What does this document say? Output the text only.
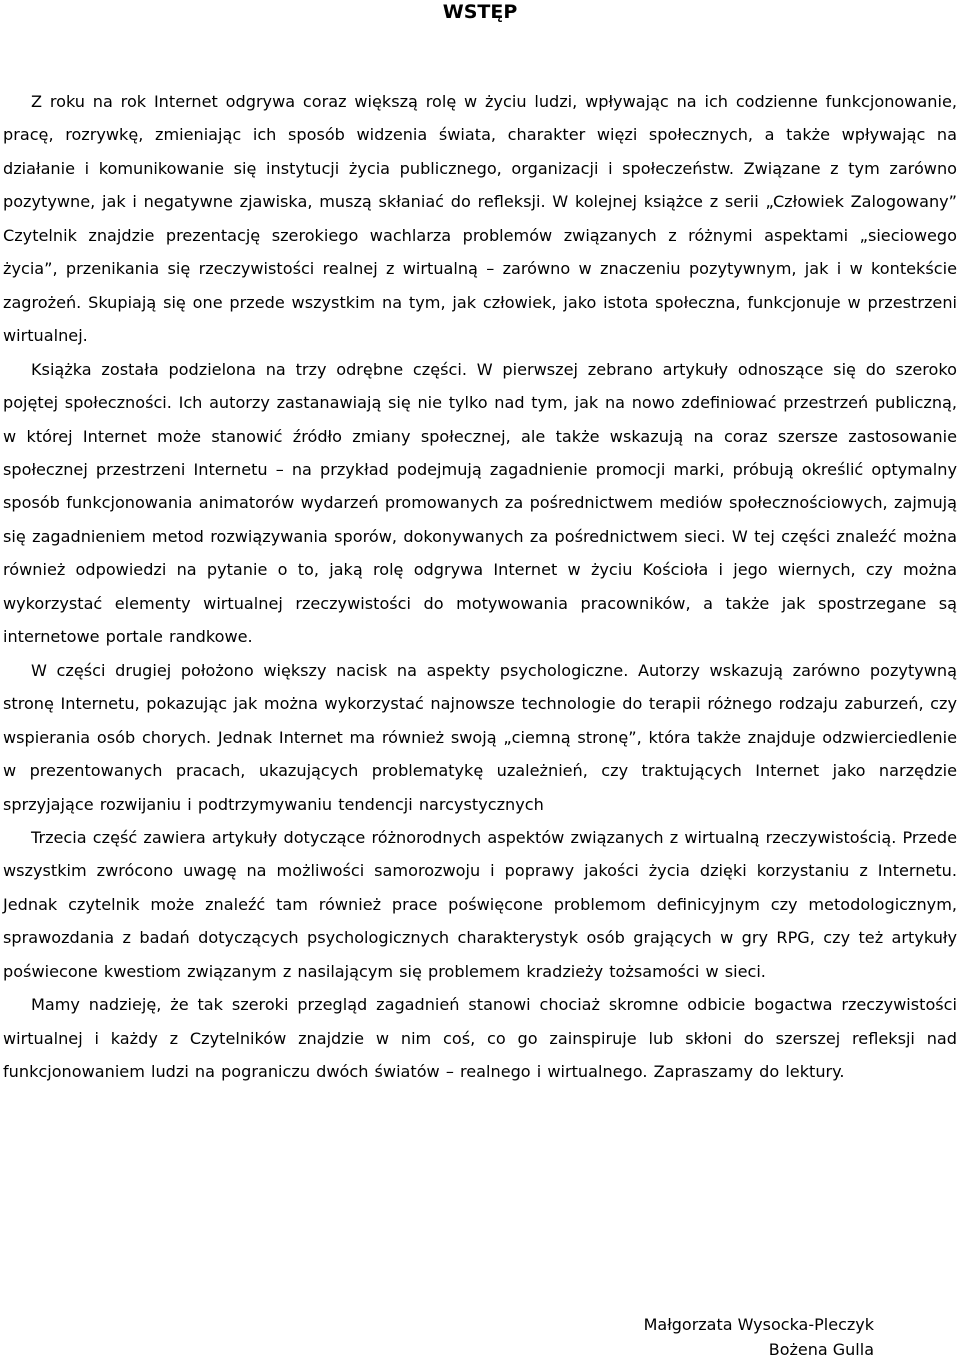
WSTĘP

Z roku na rok Internet odgrywa coraz większą rolę w życiu ludzi, wpływając na ich codzienne funkcjonowanie, pracę, rozrywkę, zmieniając ich sposób widzenia świata, charakter więzi społecznych, a także wpływając na działanie i komunikowanie się instytucji życia publicznego, organizacji i społeczeństw. Związane z tym zarówno pozytywne, jak i negatywne zjawiska, muszą skłaniać do refleksji. W kolejnej książce z serii „Człowiek Zalogowany” Czytelnik znajdzie prezentację szerokiego wachlarza problemów związanych z różnymi aspektami „sieciowego życia”, przenikania się rzeczywistości realnej z wirtualną – zarówno w znaczeniu pozytywnym, jak i w kontekście zagrożeń. Skupiają się one przede wszystkim na tym, jak człowiek, jako istota społeczna, funkcjonuje w przestrzeni wirtualnej.

Książka została podzielona na trzy odrębne części. W pierwszej zebrano artykuły odnoszące się do szeroko pojętej społeczności. Ich autorzy zastanawiają się nie tylko nad tym, jak na nowo zdefiniować przestrzeń publiczną, w której Internet może stanowić źródło zmiany społecznej, ale także wskazują na coraz szersze zastosowanie społecznej przestrzeni Internetu – na przykład podejmują zagadnienie promocji marki, próbują określić optymalny sposób funkcjonowania animatorów wydarzeń promowanych za pośrednictwem mediów społecznościowych, zajmują się zagadnieniem metod rozwiązywania sporów, dokonywanych za pośrednictwem sieci. W tej części znaleźć można również odpowiedzi na pytanie o to, jaką rolę odgrywa Internet w życiu Kościoła i jego wiernych, czy można wykorzystać elementy wirtualnej rzeczywistości do motywowania pracowników, a także jak spostrzegane są internetowe portale randkowe.

W części drugiej położono większy nacisk na aspekty psychologiczne. Autorzy wskazują zarówno pozytywną stronę Internetu, pokazując jak można wykorzystać najnowsze technologie do terapii różnego rodzaju zaburzeń, czy wspierania osób chorych. Jednak Internet ma również swoją „ciemną stronę”, która także znajduje odzwierciedlenie w prezentowanych pracach, ukazujących problematykę uzależnień, czy traktujących Internet jako narzędzie sprzyjające rozwijaniu i podtrzymywaniu tendencji narcystycznych

Trzecia część zawiera artykuły dotyczące różnorodnych aspektów związanych z wirtualną rzeczywistością. Przede wszystkim zwrócono uwagę na możliwości samorozwoju i poprawy jakości życia dzięki korzystaniu z Internetu. Jednak czytelnik może znaleźć tam również prace poświęcone problemom definicyjnym czy metodologicznym, sprawozdania z badań dotyczących psychologicznych charakterystyk osób grających w gry RPG, czy też artykuły poświecone kwestiom związanym z nasilającym się problemem kradzieży tożsamości w sieci.

Mamy nadzieję, że tak szeroki przegląd zagadnień stanowi chociaż skromne odbicie bogactwa rzeczywistości wirtualnej i każdy z Czytelników znajdzie w nim coś, co go zainspiruje lub skłoni do szerszej refleksji nad funkcjonowaniem ludzi na pograniczu dwóch światów – realnego i wirtualnego. Zapraszamy do lektury.

Małgorzata Wysocka-Pleczyk
Bożena Gulla
